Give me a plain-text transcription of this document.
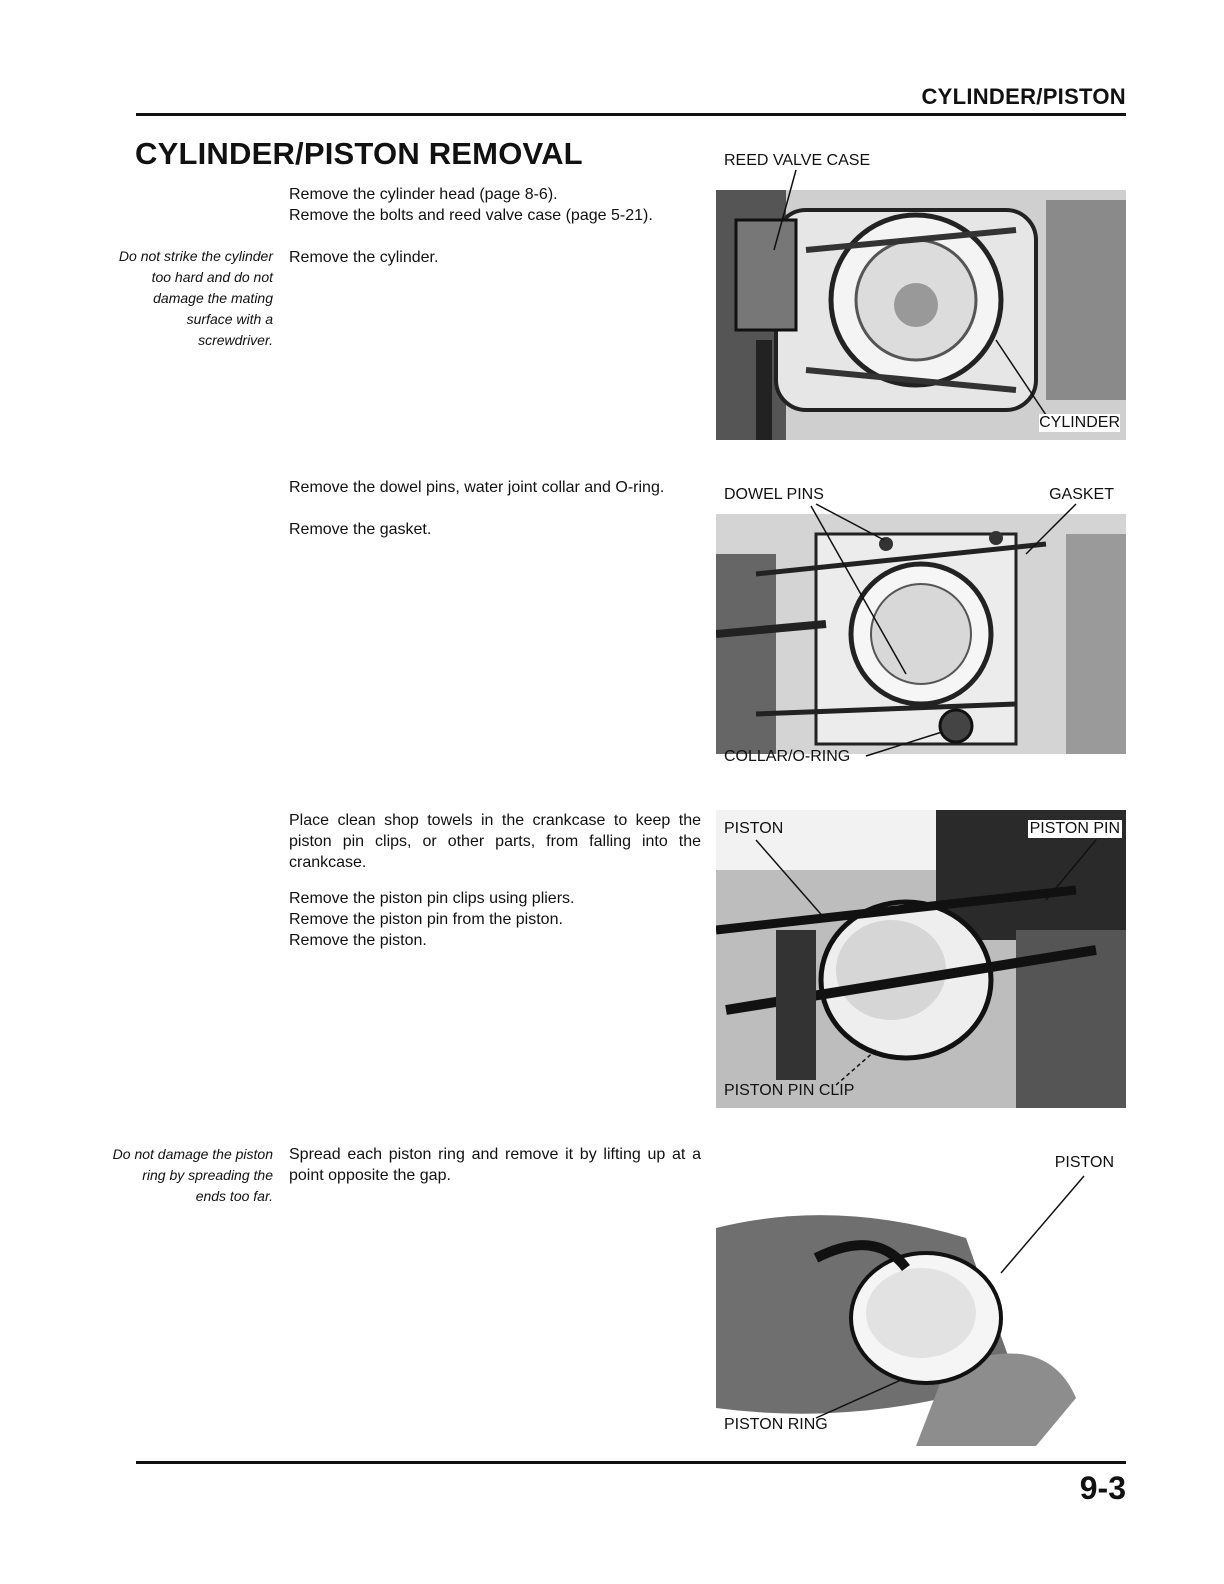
CYLINDER/PISTON
CYLINDER/PISTON REMOVAL

Remove the cylinder head (page 8-6).

Remove the bolts and reed valve case (page 5-21).

Remove the cylinder.

Do not strike the cylinder too hard and do not damage the mating surface with a screwdriver.

Remove the dowel pins, water joint collar and O-ring.

Remove the gasket.

Place clean shop towels in the crankcase to keep the piston pin clips, or other parts, from falling into the crankcase.

Remove the piston pin clips using pliers.

Remove the piston pin from the piston.

Remove the piston.

Spread each piston ring and remove it by lifting up at a point opposite the gap.

Do not damage the piston ring by spreading the ends too far.
REED VALVE CASE
CYLINDER
DOWEL PINS	GASKET
COLLAR/O-RING
PISTON	PISTON PIN
PISTON PIN CLIP
PISTON
PISTON RING
9-3
